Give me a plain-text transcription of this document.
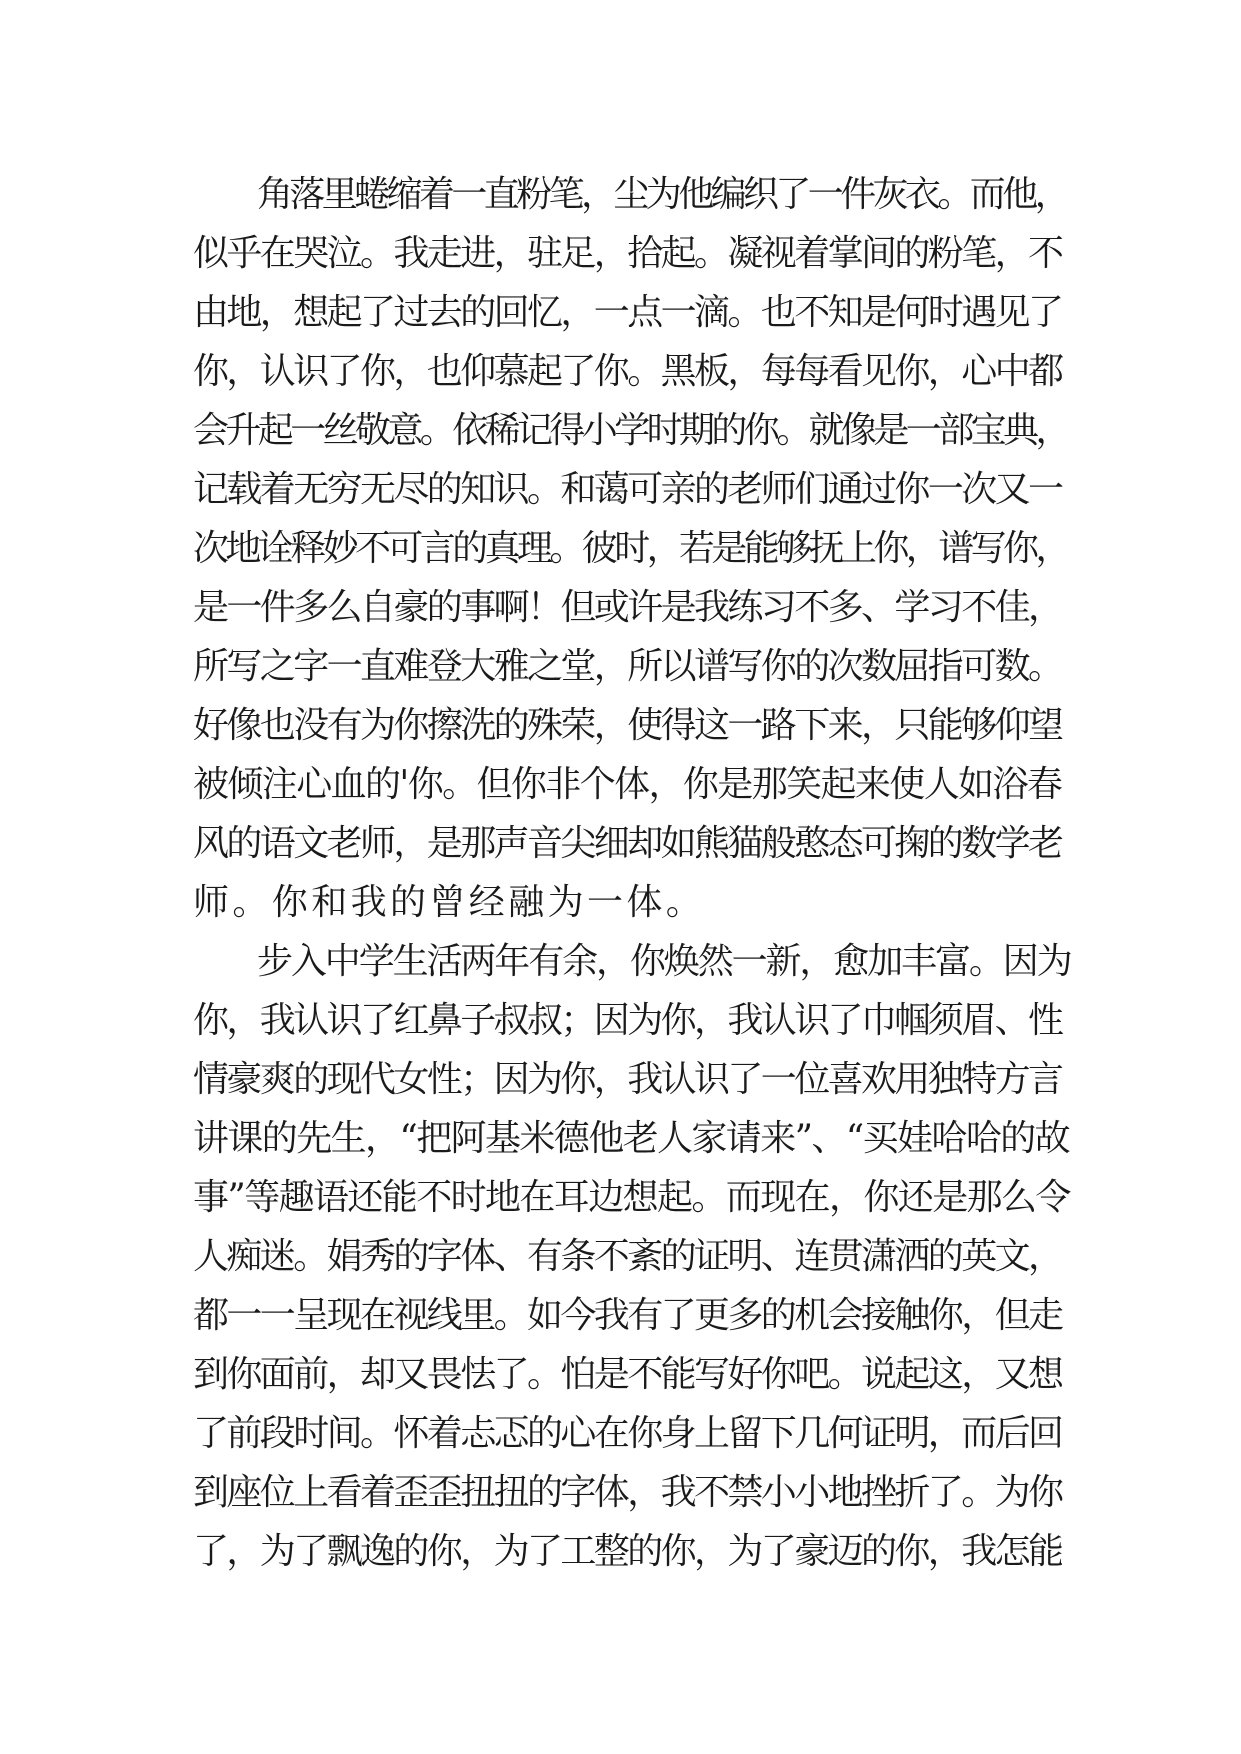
角落里蜷缩着一直粉笔，尘为他编织了一件灰衣。而他，
似乎在哭泣。我走进，驻足，拾起。凝视着掌间的粉笔，不
由地，想起了过去的回忆，一点一滴。也不知是何时遇见了
你，认识了你，也仰慕起了你。黑板，每每看见你，心中都
会升起一丝敬意。依稀记得小学时期的你。就像是一部宝典，
记载着无穷无尽的知识。和蔼可亲的老师们通过你一次又一
次地诠释妙不可言的真理。彼时，若是能够抚上你，谱写你，
是一件多么自豪的事啊！但或许是我练习不多、学习不佳，
所写之字一直难登大雅之堂，所以谱写你的次数屈指可数。
好像也没有为你擦洗的殊荣，使得这一路下来，只能够仰望
被倾注心血的'你。但你非个体，你是那笑起来使人如浴春
风的语文老师，是那声音尖细却如熊猫般憨态可掬的数学老
师。你和我的曾经融为一体。
步入中学生活两年有余，你焕然一新，愈加丰富。因为
你，我认识了红鼻子叔叔；因为你，我认识了巾帼须眉、性
情豪爽的现代女性；因为你，我认识了一位喜欢用独特方言
讲课的先生，“把阿基米德他老人家请来”、“买娃哈哈的故
事”等趣语还能不时地在耳边想起。而现在，你还是那么令
人痴迷。娟秀的字体、有条不紊的证明、连贯潇洒的英文，
都一一呈现在视线里。如今我有了更多的机会接触你，但走
到你面前，却又畏怯了。怕是不能写好你吧。说起这，又想
了前段时间。怀着忐忑的心在你身上留下几何证明，而后回
到座位上看着歪歪扭扭的字体，我不禁小小地挫折了。为你
了，为了飘逸的你，为了工整的你，为了豪迈的你，我怎能
